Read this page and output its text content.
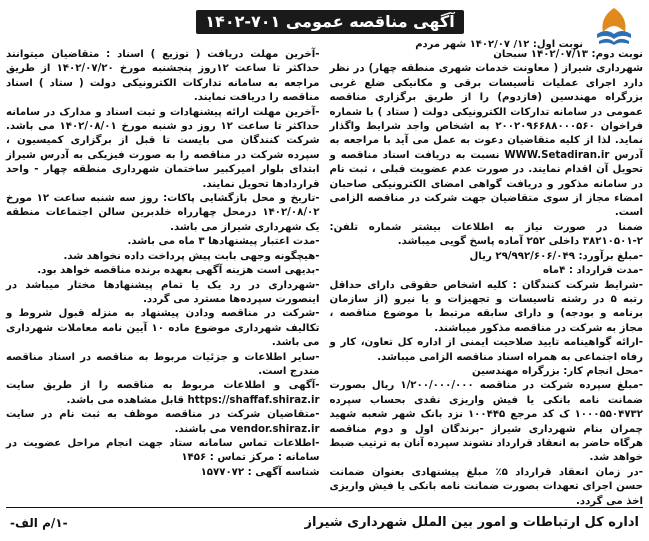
آگهی مناقصه عمومی ۷۰۱-۱۴۰۲
نوبت اول: ۱۲/ ۱۴۰۲/۰۷ شهر مردم

نوبت دوم: ۱۴۰۲/۰۷/۱۳ سبحان

شهرداری شیراز ( معاونت خدمات شهری منطقه چهار) در نظر دارد اجرای عملیات تأسیسات برقی و مکانیکی ضلع غربی بزرگراه مهندسین (فازدوم) را از طریق برگزاری مناقصه عمومی در سامانه تدارکات الکترونیکی دولت ( ستاد ) با شماره فراخوان ۲۰۰۲۰۹۶۶۸۸۰۰۰۵۶۰ به اشخاص واجد شرایط واگذار نماید. لذا از کلیه متقاضیان دعوت به عمل می آید با مراجعه به آدرس WWW.Setadiran.ir نسبت به دریافت اسناد مناقصه و تحویل آن اقدام نمایند. در صورت عدم عضویت قبلی ، ثبت نام در سامانه مذکور و دریافت گواهی امضای الکترونیکی صاحبان امضاء مجاز از سوی متقاضیان جهت شرکت در مناقصه الزامی است.

ضمنا در صورت نیاز به اطلاعات بیشتر شماره تلفن: ۲-۳۸۲۱۰۵۰۱ داخلی ۲۵۲ آماده پاسخ گویی میباشد.

-مبلغ برآورد: ۲۹/۹۹۲/۶۰۶/۰۴۹ ریال

-مدت قرارداد : ۴ماه

-شرایط شرکت کنندگان : کلیه اشخاص حقوقی دارای حداقل رتبه ۵ در رشته تاسیسات و تجهیزات و یا نیرو (از سازمان برنامه و بودجه) و دارای سابقه مرتبط با موضوع مناقصه ، مجاز به شرکت در مناقصه مذکور میباشند.

-ارائه گواهینامه تایید صلاحیت ایمنی از اداره کل تعاون، کار و رفاه اجتماعی به همراه اسناد مناقصه الزامی میباشد.

-محل انجام کار: بزرگراه مهندسین

-مبلغ سپرده شرکت در مناقصه ۱/۲۰۰/۰۰۰/۰۰۰ ریال بصورت ضمانت نامه بانکی یا فیش واریزی نقدی بحساب سپرده ۱۰۰۰۵۵۰۴۷۳۲ ک کد مرجع ۱۰۰۴۴۵ نزد بانک شهر شعبه شهید چمران بنام شهرداری شیراز -برندگان اول و دوم مناقصه هرگاه حاضر به انعقاد قرارداد نشوند سپرده آنان به ترتیب ضبط خواهد شد.

-در زمان انعقاد قرارداد ۵٪ مبلغ پیشنهادی بعنوان ضمانت حسن اجرای تعهدات بصورت ضمانت نامه بانکی یا فیش واریزی اخذ می گردد.

-آخرین مهلت دریافت ( توزیع ) اسناد : متقاضیان میتوانند حداکثر تا ساعت ۱۲روز پنجشنبه مورخ ۱۴۰۲/۰۷/۲۰ از طریق مراجعه به سامانه تدارکات الکترونیکی دولت ( ستاد ) اسناد مناقصه را دریافت نمایند.

-آخرین مهلت ارائه پیشنهادات و ثبت اسناد و مدارک در سامانه حداکثر تا ساعت ۱۲ روز دو شنبه مورخ ۱۴۰۲/۰۸/۰۱ می باشد. شرکت کنندگان می بایست تا قبل از برگزاری کمیسیون ، سپرده شرکت در مناقصه را به صورت فیزیکی به آدرس شیراز ابتدای بلوار امیرکبیر ساختمان شهرداری منطقه چهار - واحد قراردادها تحویل نمایند.

-تاریخ و محل بازگشایی پاکات: روز سه شنبه ساعت ۱۲ مورخ ۱۴۰۲/۰۸/۰۲ درمحل چهارراه خلدبرین سالن اجتماعات منطقه یک شهرداری شیراز می باشد.

-مدت اعتبار پیشنهادها ۳ ماه می باشد.

-هیچگونه وجهی بابت پیش پرداخت داده نخواهد شد.

-بدیهی است هزینه آگهی بعهده برنده مناقصه خواهد بود.

-شهرداری در رد یک یا تمام پیشنهادها مختار میباشد در اینصورت سپرده‌ها مسترد می گردد.

-شرکت در مناقصه ودادن پیشنهاد به منزله قبول شروط و تکالیف شهرداری موضوع ماده ۱۰ آیین نامه معاملات شهرداری می باشد.

-سایر اطلاعات و جزئیات مربوط به مناقصه در اسناد مناقصه مندرج است.

-آگهی و اطلاعات مربوط به مناقصه را از طریق سایت https://shaffaf.shiraz.ir قابل مشاهده می باشد.

-متقاضیان شرکت در مناقصه موظف به ثبت نام در سایت vendor.shiraz.ir می باشند.

-اطلاعات تماس سامانه ستاد جهت انجام مراحل عضویت در سامانه : مرکز تماس : ۱۴۵۶

شناسه آگهی : ۱۵۷۷۰۷۲

اداره کل ارتباطات و امور بین الملل شهرداری شیراز
-۱/م الف-
